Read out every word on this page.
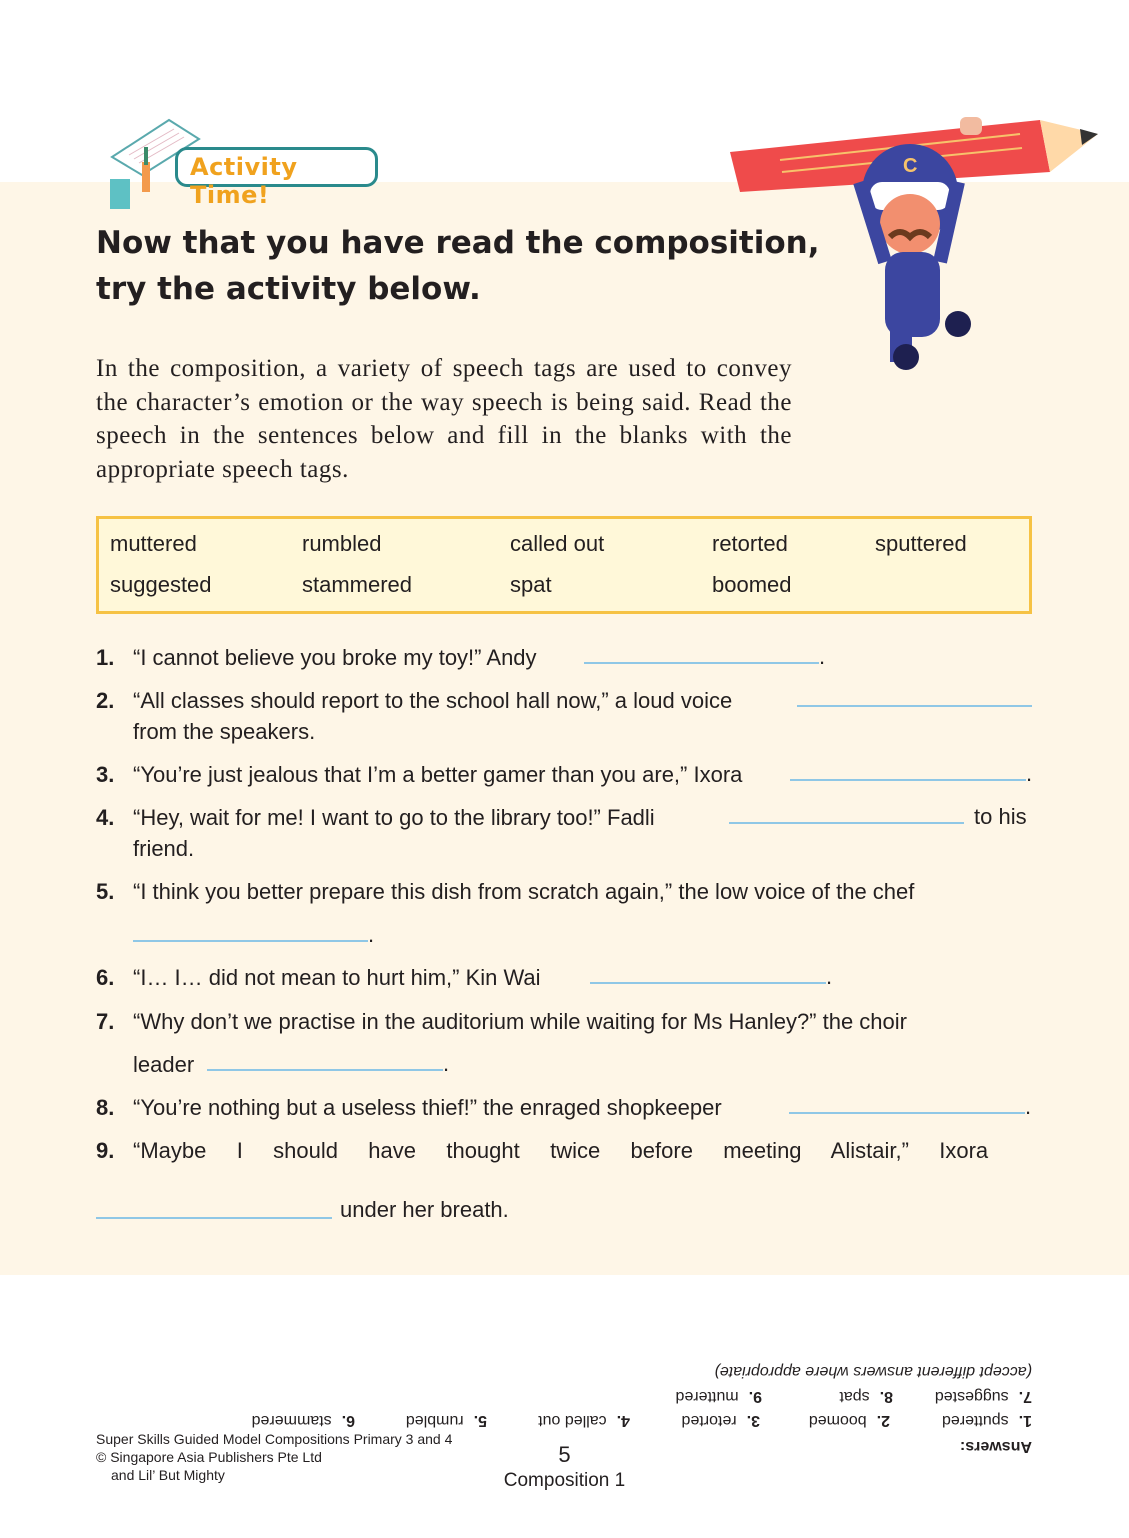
Activity Time!
C
Now that you have read the composition,
try the activity below.
In the composition, a variety of speech tags are used to convey the character’s emotion or the way speech is being said. Read the speech in the sentences below and fill in the blanks with the appropriate speech tags.
muttered	rumbled	called out	retorted	sputtered
suggested	stammered	spat	boomed
1. “I cannot believe you broke my toy!” Andy	.
2. “All classes should report to the school hall now,” a loud voice
from the speakers.
3. “You’re just jealous that I’m a better gamer than you are,” Ixora	.
4. “Hey, wait for me! I want to go to the library too!” Fadli
friend.
to his
5. “I think you better prepare this dish from scratch again,” the low voice of the chef
.
6. “I… I… did not mean to hurt him,” Kin Wai	.
7. “Why don’t we practise in the auditorium while waiting for Ms Hanley?” the choir
leader	.
8. “You’re nothing but a useless thief!” the enraged shopkeeper	.
9. “Maybe   I   should   have   thought   twice   before   meeting   Alistair,”   Ixora
under her breath.
Answers:
1.sputtered
2.boomed
3.retorted
4.called out
5.rumbled
6.stammered
7.suggested
8.spat
9.muttered
(accept different answers where appropriate)
Super Skills Guided Model Compositions Primary 3 and 4
© Singapore Asia Publishers Pte Ltd
and Lil’ But Mighty
5
Composition 1
